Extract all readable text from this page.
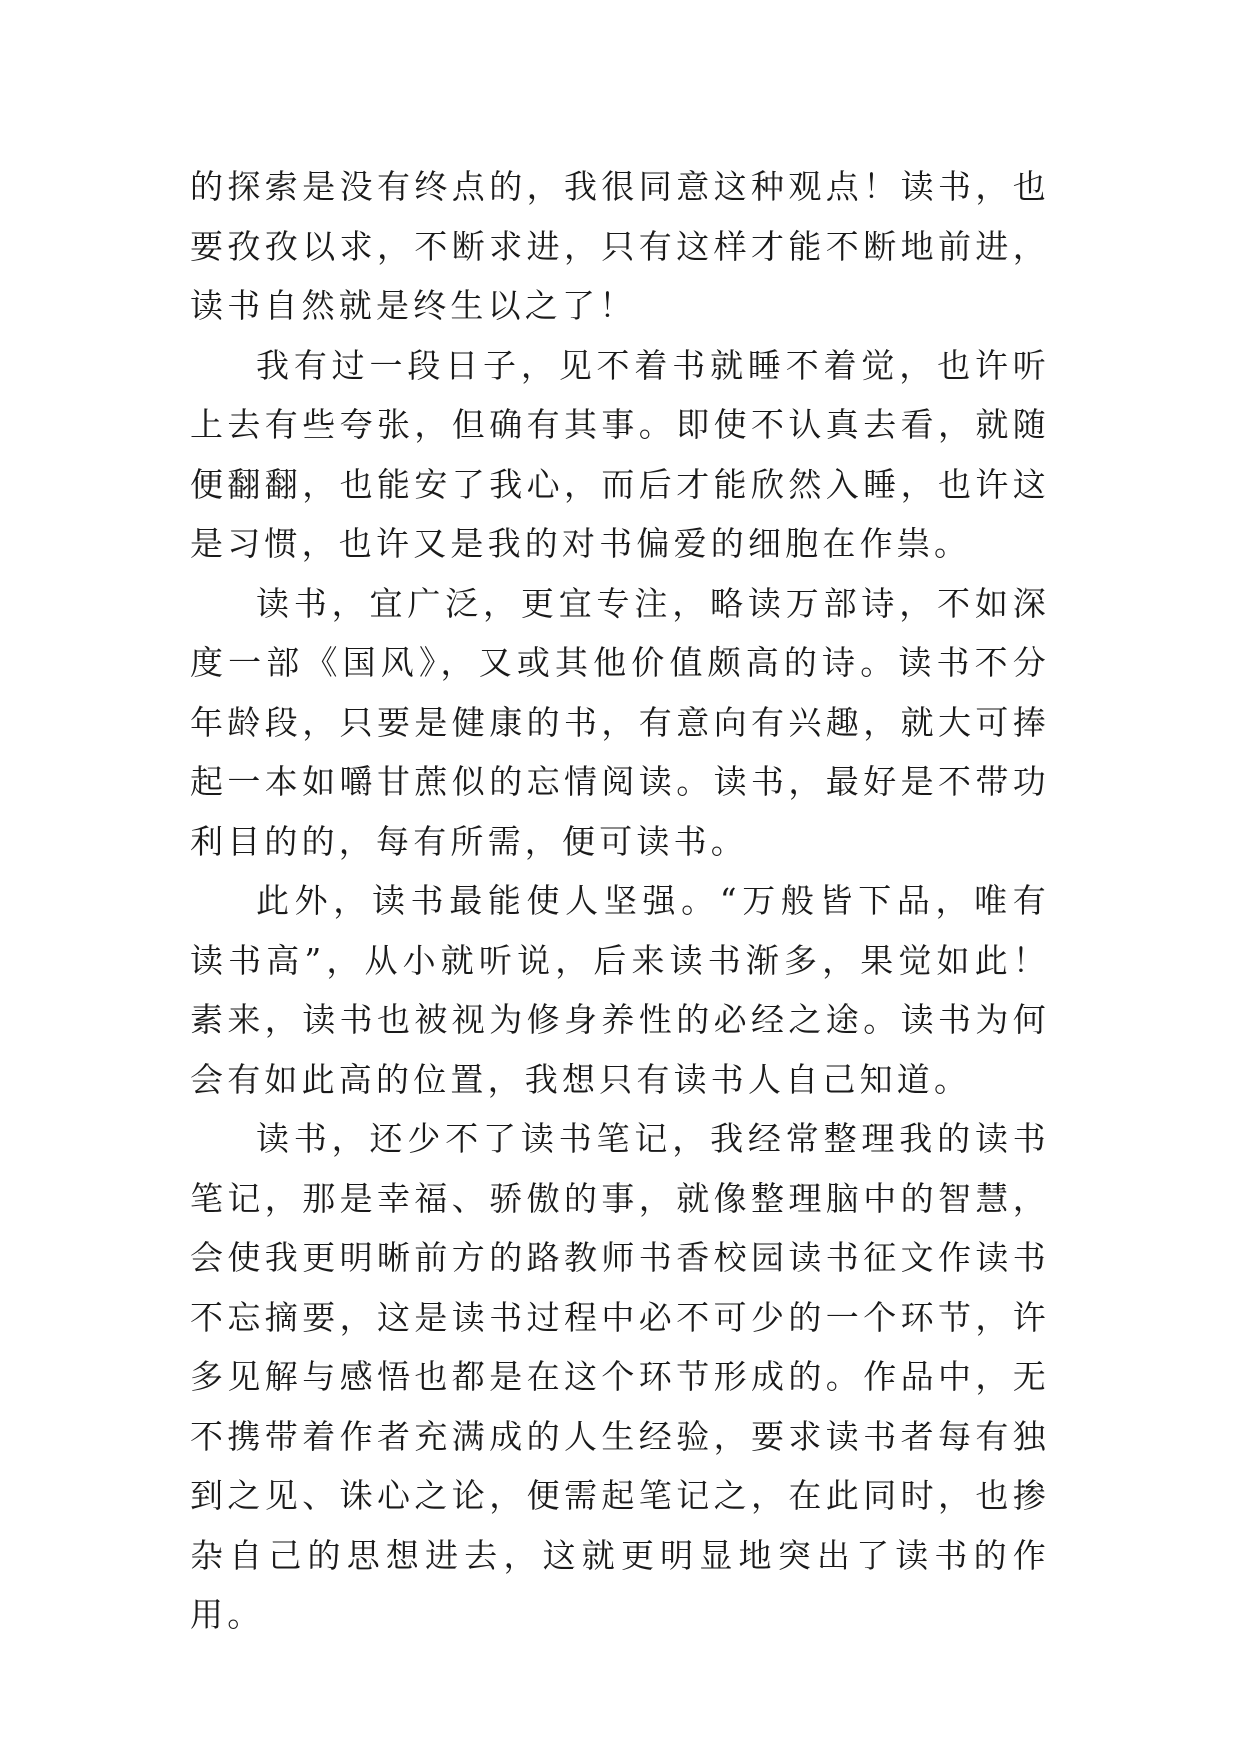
的探索是没有终点的，我很同意这种观点！读书，也要孜孜以求，不断求进，只有这样才能不断地前进，读书自然就是终生以之了！

我有过一段日子，见不着书就睡不着觉，也许听上去有些夸张，但确有其事。即使不认真去看，就随便翻翻，也能安了我心，而后才能欣然入睡，也许这是习惯，也许又是我的对书偏爱的细胞在作祟。

读书，宜广泛，更宜专注，略读万部诗，不如深度一部《国风》，又或其他价值颇高的诗。读书不分年龄段，只要是健康的书，有意向有兴趣，就大可捧起一本如嚼甘蔗似的忘情阅读。读书，最好是不带功利目的的，每有所需，便可读书。

此外，读书最能使人坚强。“万般皆下品，唯有读书高”，从小就听说，后来读书渐多，果觉如此！素来，读书也被视为修身养性的必经之途。读书为何会有如此高的位置，我想只有读书人自己知道。

读书，还少不了读书笔记，我经常整理我的读书笔记，那是幸福、骄傲的事，就像整理脑中的智慧，会使我更明晰前方的路教师书香校园读书征文作读书不忘摘要，这是读书过程中必不可少的一个环节，许多见解与感悟也都是在这个环节形成的。作品中，无不携带着作者充满成的人生经验，要求读书者每有独到之见、诛心之论，便需起笔记之，在此同时，也掺杂自己的思想进去，这就更明显地突出了读书的作用。
